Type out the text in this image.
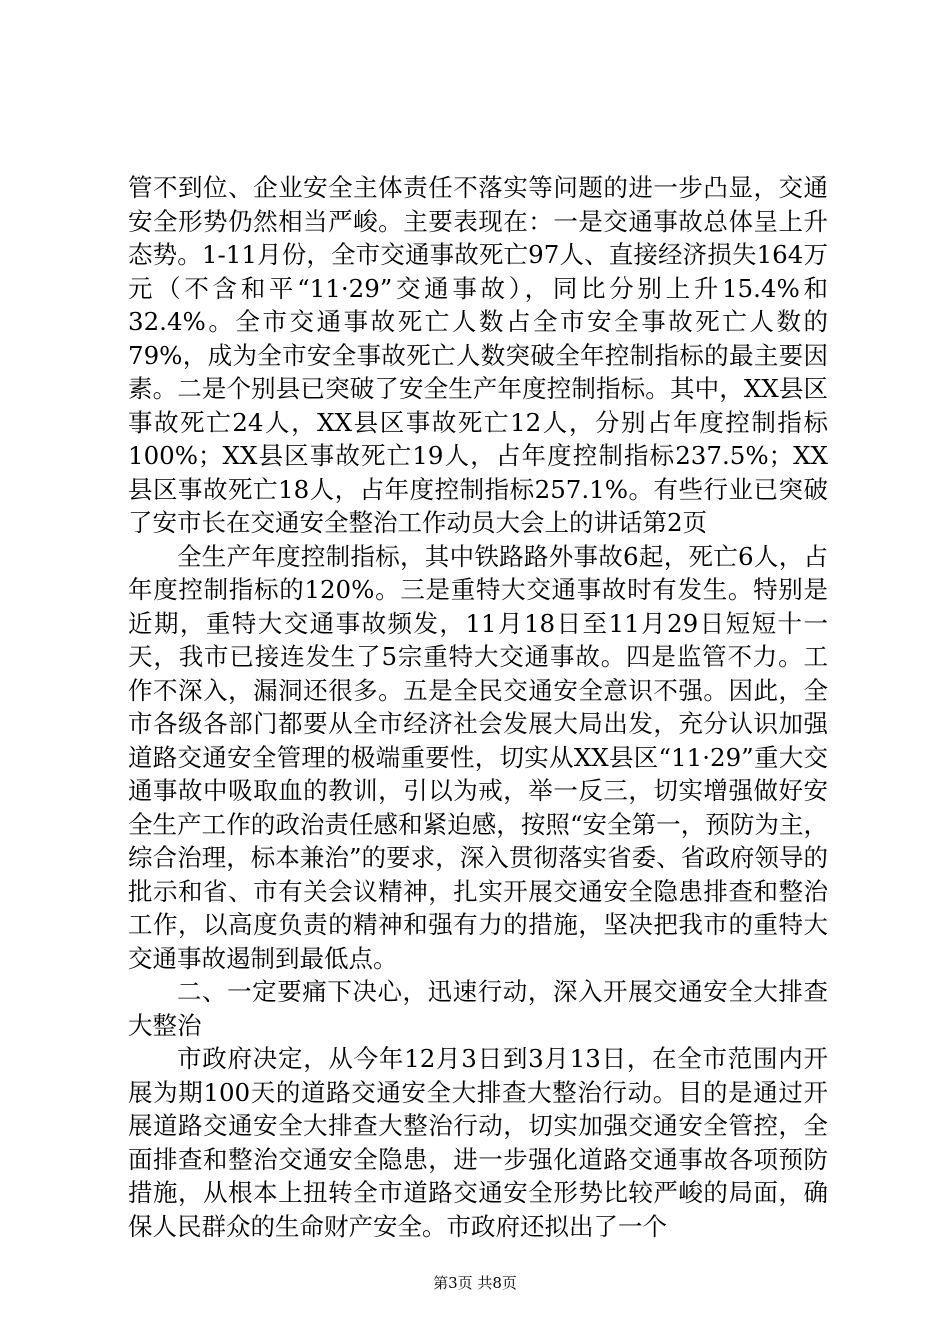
管不到位、企业安全主体责任不落实等问题的进一步凸显，交通安全形势仍然相当严峻。主要表现在：一是交通事故总体呈上升态势。1-11月份，全市交通事故死亡97人、直接经济损失164万元（不含和平“11·29”交通事故），同比分别上升15.4%和32.4%。全市交通事故死亡人数占全市安全事故死亡人数的79%，成为全市安全事故死亡人数突破全年控制指标的最主要因素。二是个别县已突破了安全生产年度控制指标。其中，XX县区事故死亡24人，XX县区事故死亡12人，分别占年度控制指标100%；XX县区事故死亡19人，占年度控制指标237.5%；XX县区事故死亡18人，占年度控制指标257.1%。有些行业已突破了安市长在交通安全整治工作动员大会上的讲话第2页

全生产年度控制指标，其中铁路路外事故6起，死亡6人，占年度控制指标的120%。三是重特大交通事故时有发生。特别是近期，重特大交通事故频发，11月18日至11月29日短短十一天，我市已接连发生了5宗重特大交通事故。四是监管不力。工作不深入，漏洞还很多。五是全民交通安全意识不强。因此，全市各级各部门都要从全市经济社会发展大局出发，充分认识加强道路交通安全管理的极端重要性，切实从XX县区“11·29”重大交通事故中吸取血的教训，引以为戒，举一反三，切实增强做好安全生产工作的政治责任感和紧迫感，按照“安全第一，预防为主，综合治理，标本兼治”的要求，深入贯彻落实省委、省政府领导的批示和省、市有关会议精神，扎实开展交通安全隐患排查和整治工作，以高度负责的精神和强有力的措施，坚决把我市的重特大交通事故遏制到最低点。

二、一定要痛下决心，迅速行动，深入开展交通安全大排查大整治

市政府决定，从今年12月3日到3月13日，在全市范围内开展为期100天的道路交通安全大排查大整治行动。目的是通过开展道路交通安全大排查大整治行动，切实加强交通安全管控，全面排查和整治交通安全隐患，进一步强化道路交通事故各项预防措施，从根本上扭转全市道路交通安全形势比较严峻的局面，确保人民群众的生命财产安全。市政府还拟出了一个

第3页 共8页
